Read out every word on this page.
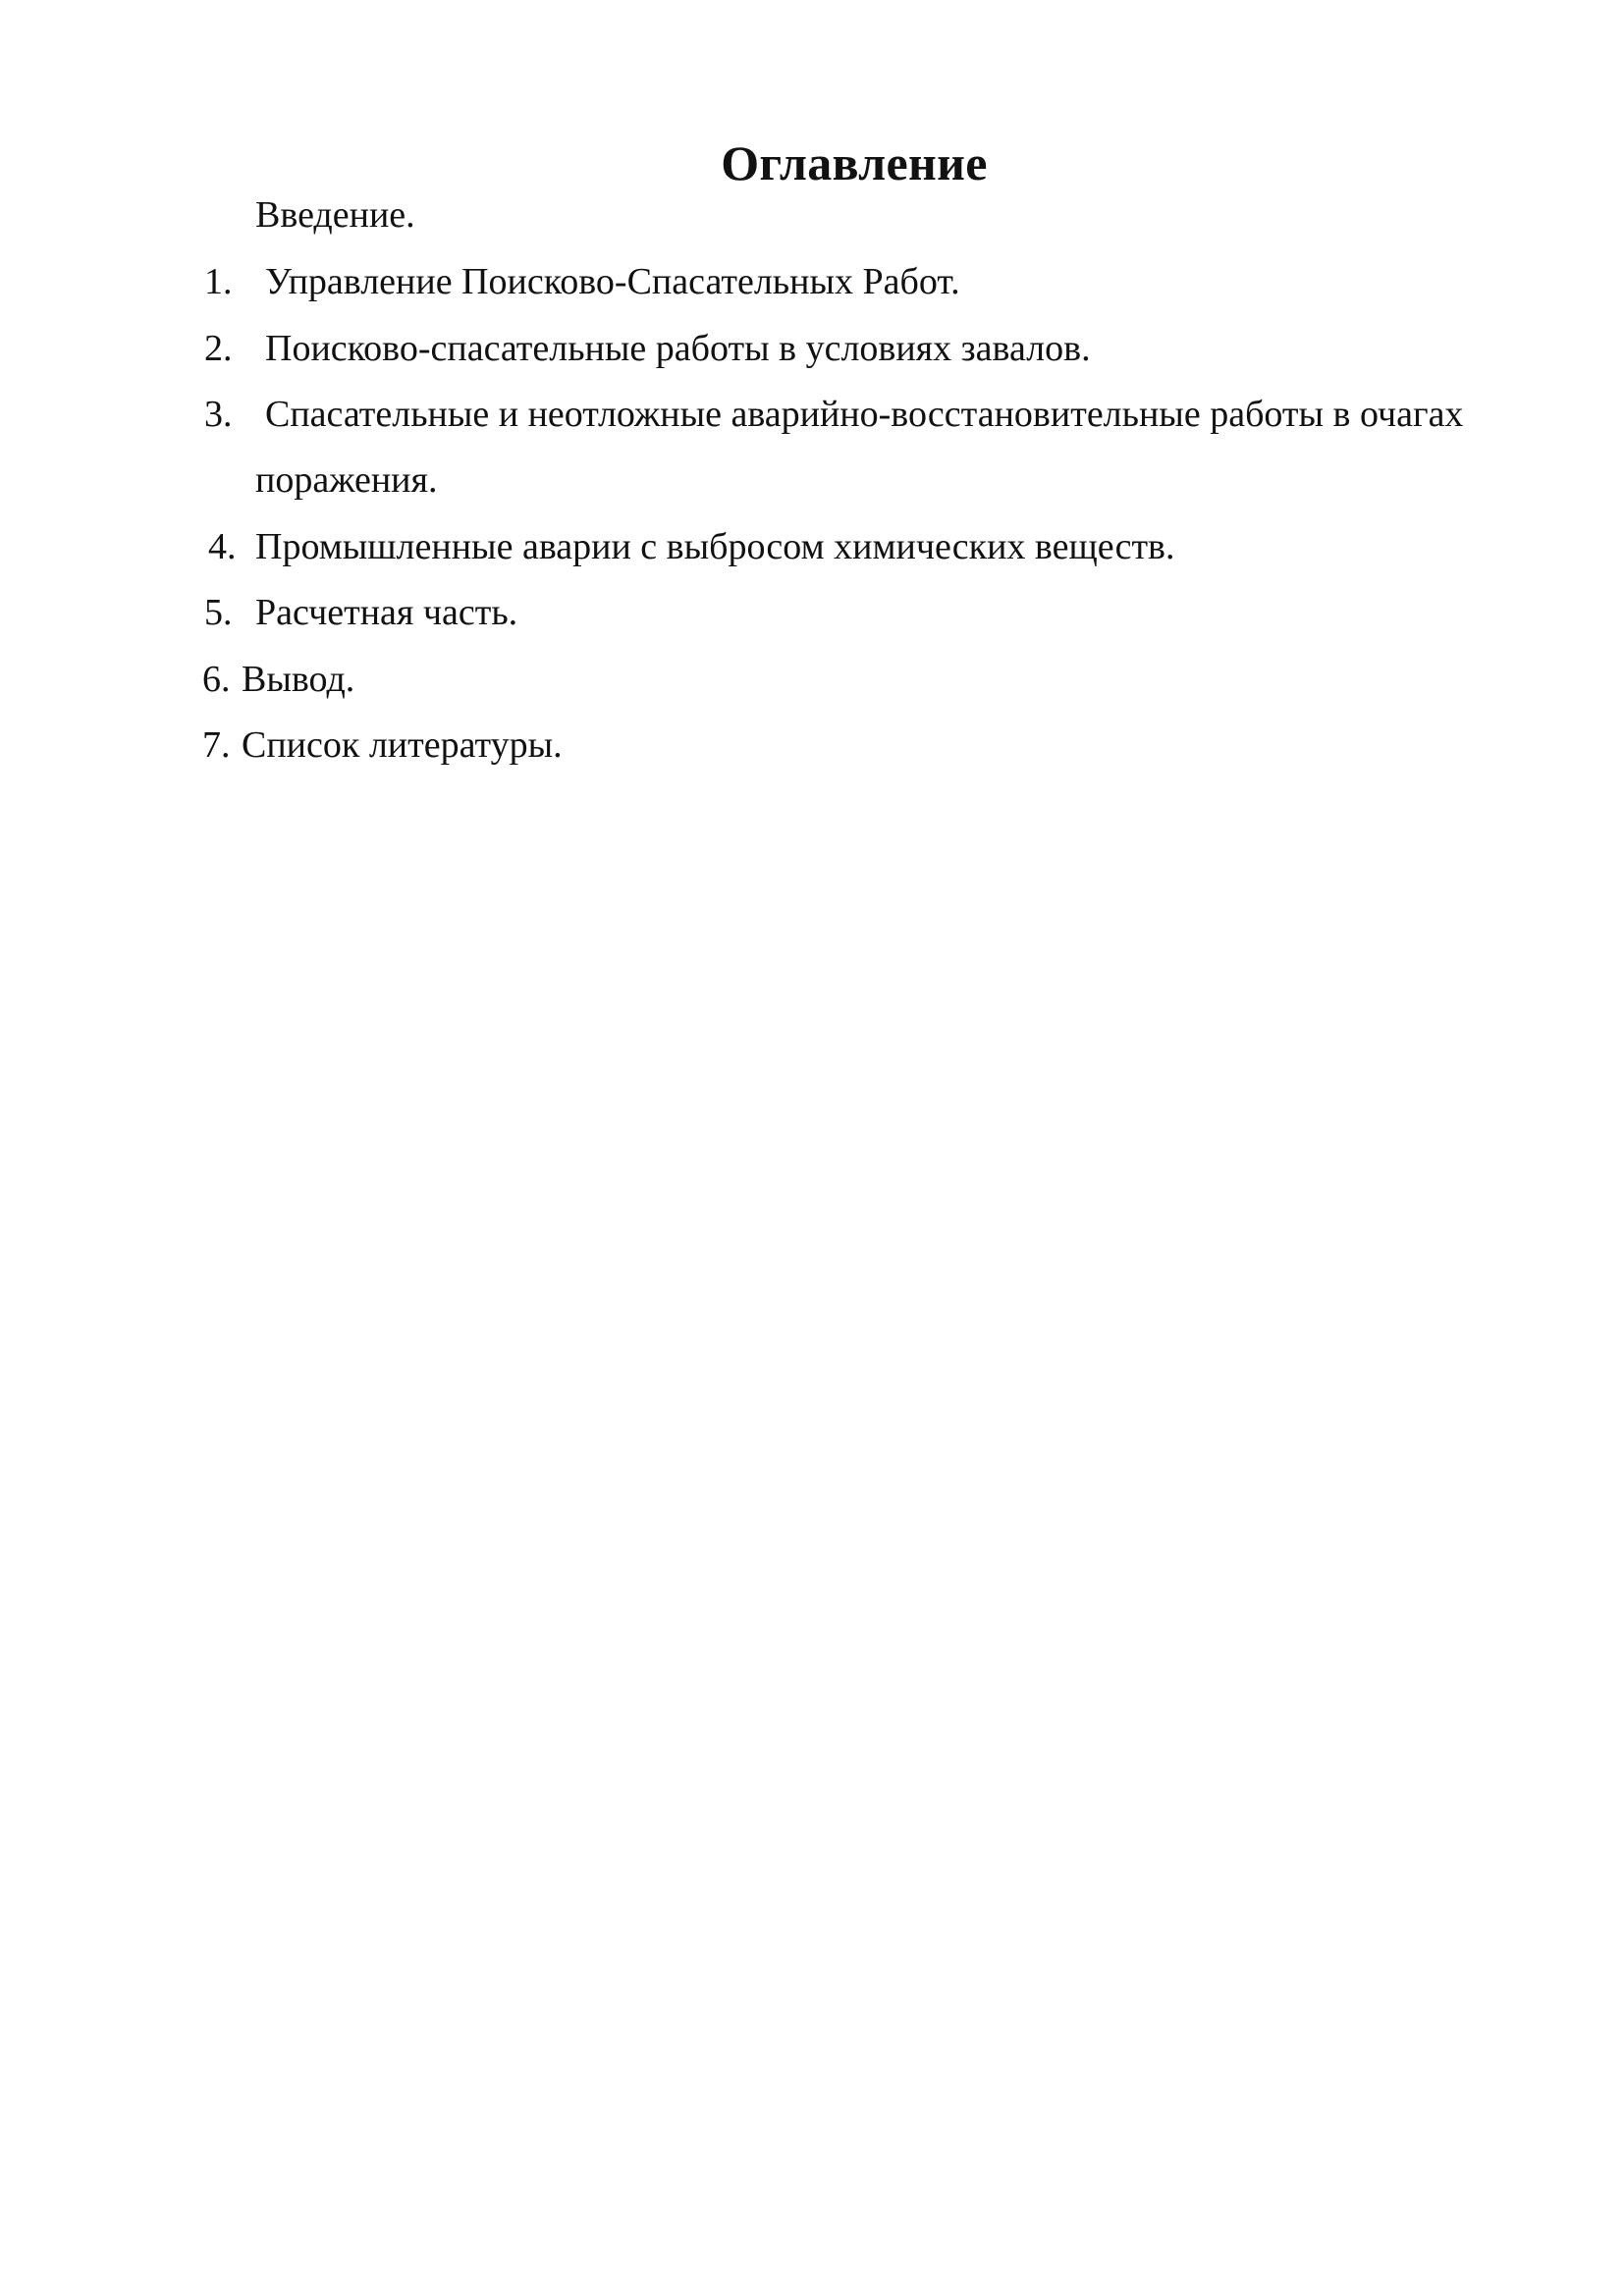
Оглавление
Введение.
1. Управление Поисково-Спасательных Работ.
2. Поисково-спасательные работы в условиях завалов.
3. Спасательные и неотложные аварийно-восстановительные работы в очагах
поражения.
4. Промышленные аварии с выбросом химических веществ.
5. Расчетная часть.
6. Вывод.
7. Список литературы.
